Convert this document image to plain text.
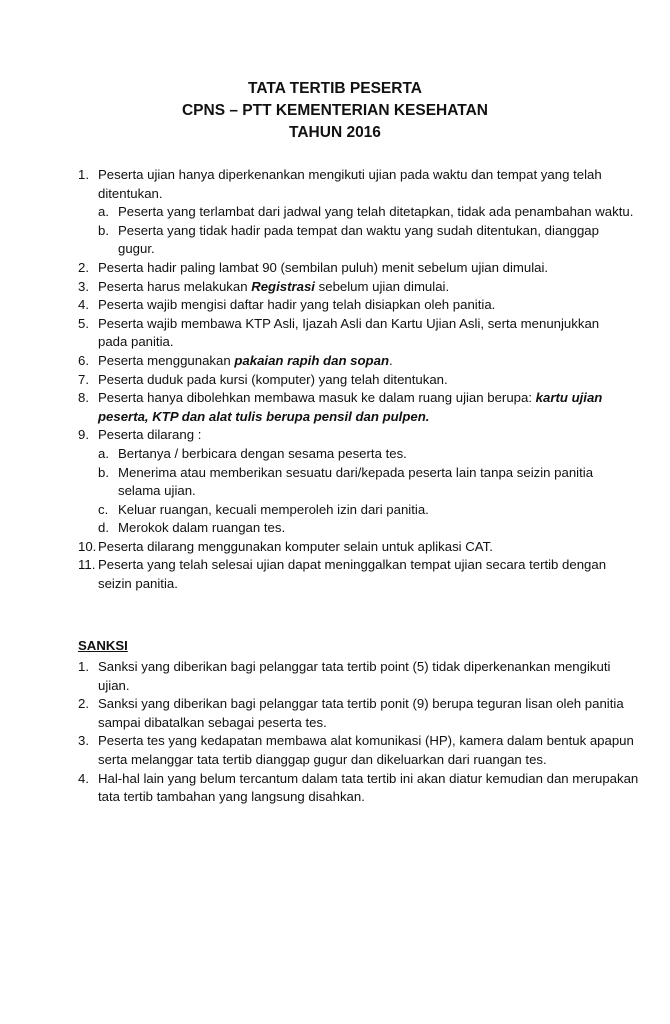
TATA TERTIB PESERTA

CPNS – PTT KEMENTERIAN KESEHATAN

TAHUN 2016

1. Peserta ujian hanya diperkenankan mengikuti ujian pada waktu dan tempat yang telah ditentukan.
a. Peserta yang terlambat dari jadwal yang telah ditetapkan, tidak ada penambahan waktu.
b. Peserta yang tidak hadir pada tempat dan waktu yang sudah ditentukan, dianggap gugur.
2. Peserta hadir paling lambat 90 (sembilan puluh) menit sebelum ujian dimulai.
3. Peserta harus melakukan Registrasi sebelum ujian dimulai.
4. Peserta wajib mengisi daftar hadir yang telah disiapkan oleh panitia.
5. Peserta wajib membawa KTP Asli, Ijazah Asli dan Kartu Ujian Asli, serta menunjukkan pada panitia.
6. Peserta menggunakan pakaian rapih dan sopan.
7. Peserta duduk pada kursi (komputer) yang telah ditentukan.
8. Peserta hanya dibolehkan membawa masuk ke dalam ruang ujian berupa: kartu ujian peserta, KTP dan alat tulis berupa pensil dan pulpen.
9. Peserta dilarang :
a. Bertanya / berbicara dengan sesama peserta tes.
b. Menerima atau memberikan sesuatu dari/kepada peserta lain tanpa seizin panitia selama ujian.
c. Keluar ruangan, kecuali memperoleh izin dari panitia.
d. Merokok dalam ruangan tes.
10. Peserta dilarang menggunakan komputer selain untuk aplikasi CAT.
11. Peserta yang telah selesai ujian dapat meninggalkan tempat ujian secara tertib dengan seizin panitia.
SANKSI
1. Sanksi yang diberikan bagi pelanggar tata tertib point (5) tidak diperkenankan mengikuti ujian.
2. Sanksi yang diberikan bagi pelanggar tata tertib ponit (9) berupa teguran lisan oleh panitia sampai dibatalkan sebagai peserta tes.
3. Peserta tes yang kedapatan membawa alat komunikasi (HP), kamera dalam bentuk apapun serta melanggar tata tertib dianggap gugur dan dikeluarkan dari ruangan tes.
4. Hal-hal lain yang belum tercantum dalam tata tertib ini akan diatur kemudian dan merupakan tata tertib tambahan yang langsung disahkan.
